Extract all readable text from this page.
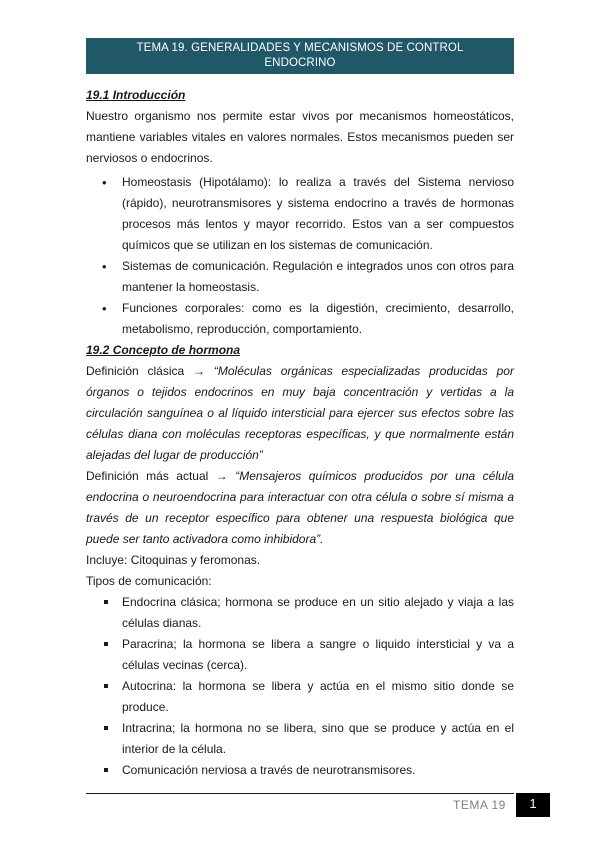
TEMA 19. GENERALIDADES Y MECANISMOS DE CONTROL
ENDOCRINO
19.1 Introducción

Nuestro organismo nos permite estar vivos por mecanismos homeostáticos, mantiene variables vitales en valores normales. Estos mecanismos pueden ser nerviosos o endocrinos.

• Homeostasis (Hipotálamo): lo realiza a través del Sistema nervioso (rápido), neurotransmisores y sistema endocrino a través de hormonas procesos más lentos y mayor recorrido. Estos van a ser compuestos químicos que se utilizan en los sistemas de comunicación.
• Sistemas de comunicación. Regulación e integrados unos con otros para mantener la homeostasis.
• Funciones corporales: como es la digestión, crecimiento, desarrollo, metabolismo, reproducción, comportamiento.
19.2 Concepto de hormona

Definición clásica → “Moléculas orgánicas especializadas producidas por órganos o tejidos endocrinos en muy baja concentración y vertidas a la circulación sanguínea o al líquido intersticial para ejercer sus efectos sobre las células diana con moléculas receptoras específicas, y que normalmente están alejadas del lugar de producción”

Definición más actual → “Mensajeros químicos producidos por una célula endocrina o neuroendocrina para interactuar con otra célula o sobre sí misma a través de un receptor específico para obtener una respuesta biológica que puede ser tanto activadora como inhibidora”.

Incluye: Citoquinas y feromonas.

Tipos de comunicación:

Endocrina clásica; hormona se produce en un sitio alejado y viaja a las células dianas.
Paracrina; la hormona se libera a sangre o liquido intersticial y va a células vecinas (cerca).
Autocrina: la hormona se libera y actúa en el mismo sitio donde se produce.
Intracrina; la hormona no se libera, sino que se produce y actúa en el interior de la célula.
Comunicación nerviosa a través de neurotransmisores.
TEMA 19	1
